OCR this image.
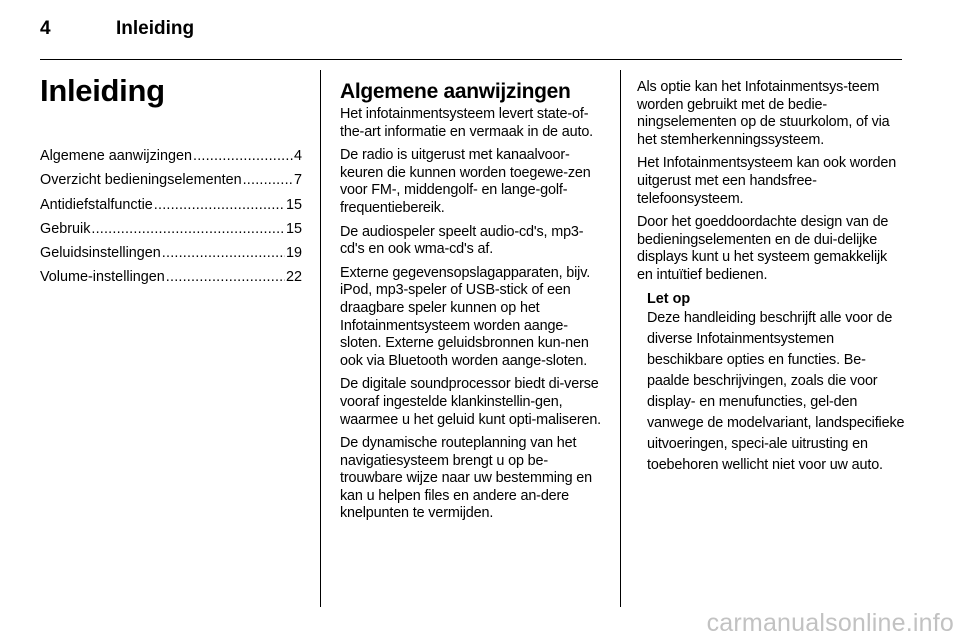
4	Inleiding
Inleiding
Algemene aanwijzingen .....	4
Overzicht bedieningselementen .....	7
Antidiefstalfunctie .....	15
Gebruik .....	15
Geluidsinstellingen .....	19
Volume-instellingen .....	22
Algemene aanwijzingen

Het infotainmentsysteem levert state-of-the-art informatie en vermaak in de auto.

De radio is uitgerust met kanaalvoor-keuren die kunnen worden toegewe-zen voor FM-, middengolf- en lange-golf-frequentiebereik.

De audiospeler speelt audio-cd's, mp3-cd's en ook wma-cd's af.

Externe gegevensopslagapparaten, bijv. iPod, mp3-speler of USB-stick of een draagbare speler kunnen op het Infotainmentsysteem worden aange-sloten. Externe geluidsbronnen kun-nen ook via Bluetooth worden aange-sloten.

De digitale soundprocessor biedt di-verse vooraf ingestelde klankinstellin-gen, waarmee u het geluid kunt opti-maliseren.

De dynamische routeplanning van het navigatiesysteem brengt u op be-trouwbare wijze naar uw bestemming en kan u helpen files en andere an-dere knelpunten te vermijden.

Als optie kan het Infotainmentsys-teem worden gebruikt met de bedie-ningselementen op de stuurkolom, of via het stemherkenningssysteem.

Het Infotainmentsysteem kan ook worden uitgerust met een handsfree-telefoonsysteem.

Door het goeddoordachte design van de bedieningselementen en de dui-delijke displays kunt u het systeem gemakkelijk en intuïtief bedienen.

Let op

Deze handleiding beschrijft alle voor de diverse Infotainmentsystemen beschikbare opties en functies. Be-paalde beschrijvingen, zoals die voor display- en menufuncties, gel-den vanwege de modelvariant, landspecifieke uitvoeringen, speci-ale uitrusting en toebehoren wellicht niet voor uw auto.

carmanualsonline.info
